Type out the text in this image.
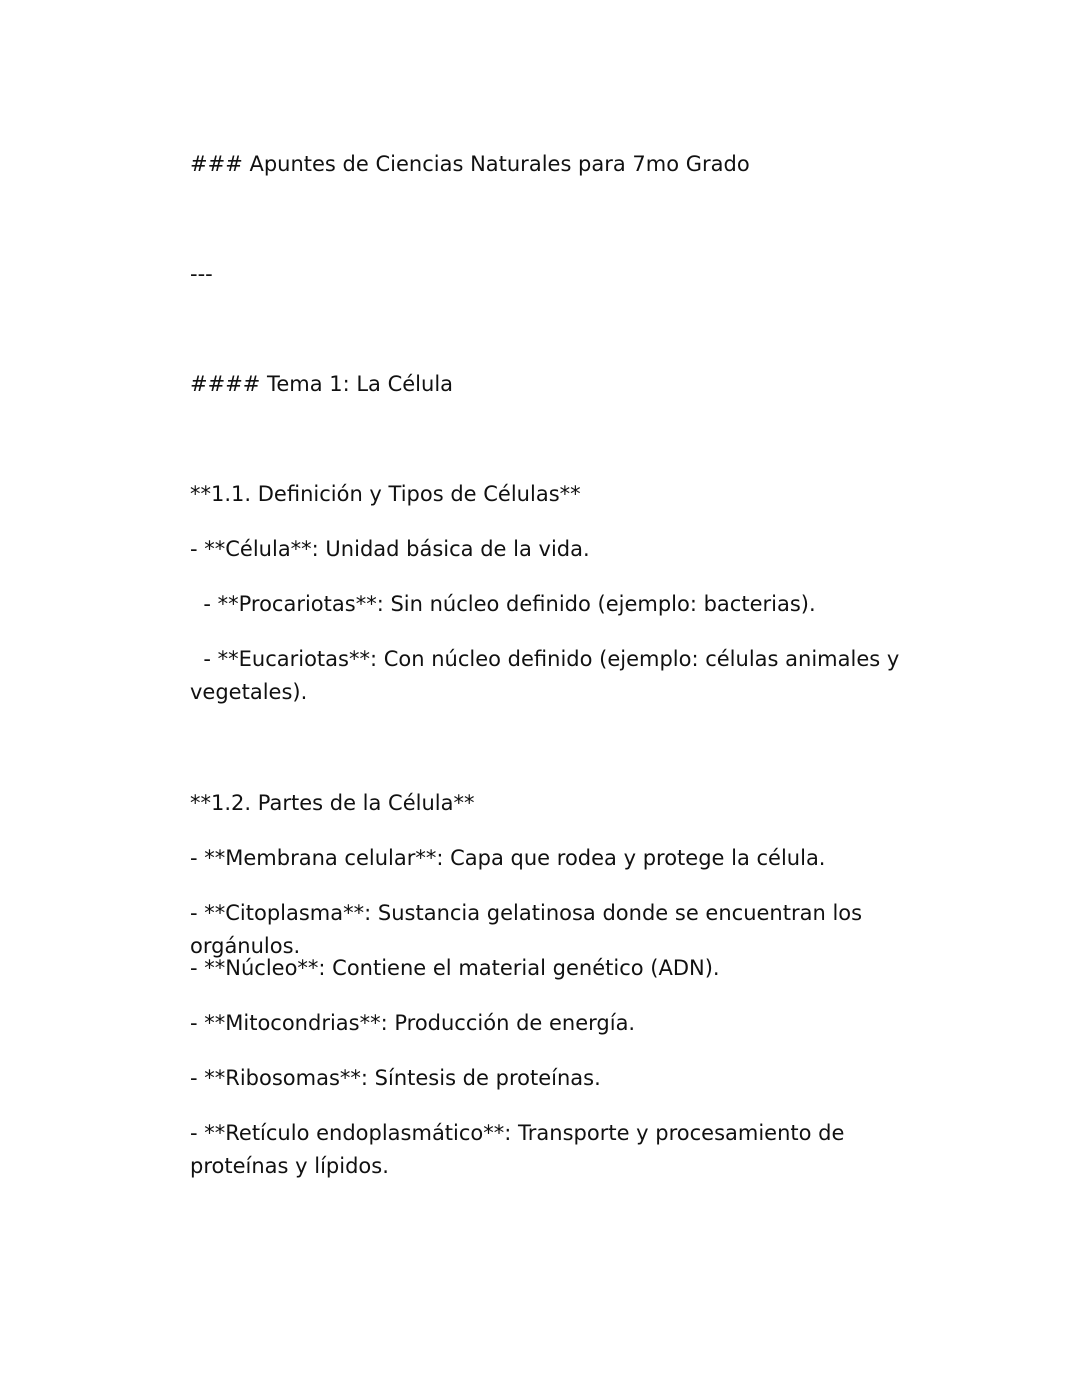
### Apuntes de Ciencias Naturales para 7mo Grado

---

#### Tema 1: La Célula

**1.1. Definición y Tipos de Células**

- **Célula**: Unidad básica de la vida.

- **Procariotas**: Sin núcleo definido (ejemplo: bacterias).

- **Eucariotas**: Con núcleo definido (ejemplo: células animales y vegetales).

**1.2. Partes de la Célula**

- **Membrana celular**: Capa que rodea y protege la célula.

- **Citoplasma**: Sustancia gelatinosa donde se encuentran los orgánulos.

- **Núcleo**: Contiene el material genético (ADN).

- **Mitocondrias**: Producción de energía.

- **Ribosomas**: Síntesis de proteínas.

- **Retículo endoplasmático**: Transporte y procesamiento de proteínas y lípidos.
